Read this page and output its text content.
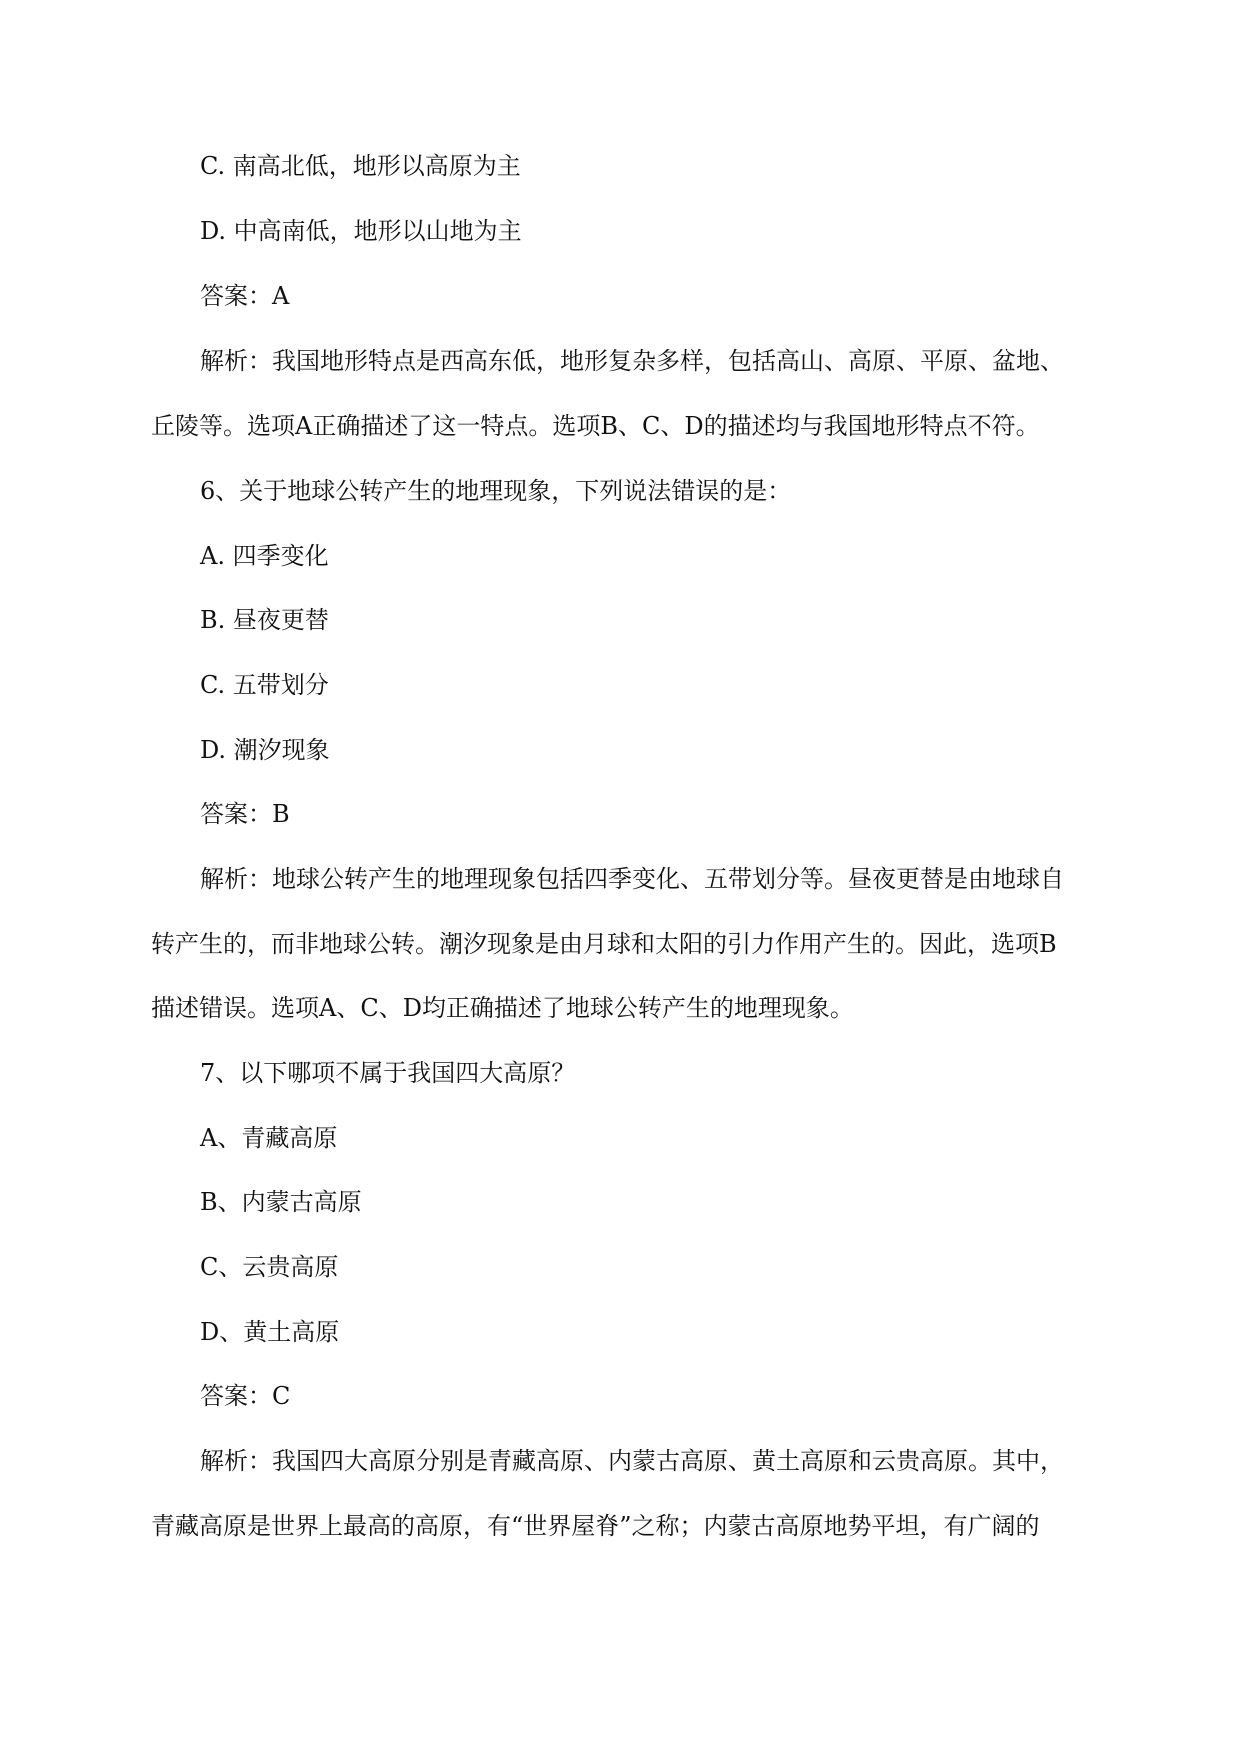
C. 南高北低，地形以高原为主
D. 中高南低，地形以山地为主
答案：A
解析：我国地形特点是西高东低，地形复杂多样，包括高山、高原、平原、盆地、
丘陵等。选项A正确描述了这一特点。选项B、C、D的描述均与我国地形特点不符。
6、关于地球公转产生的地理现象，下列说法错误的是：
A. 四季变化
B. 昼夜更替
C. 五带划分
D. 潮汐现象
答案：B
解析：地球公转产生的地理现象包括四季变化、五带划分等。昼夜更替是由地球自
转产生的，而非地球公转。潮汐现象是由月球和太阳的引力作用产生的。因此，选项B
描述错误。选项A、C、D均正确描述了地球公转产生的地理现象。
7、以下哪项不属于我国四大高原？
A、青藏高原
B、内蒙古高原
C、云贵高原
D、黄土高原
答案：C
解析：我国四大高原分别是青藏高原、内蒙古高原、黄土高原和云贵高原。其中，
青藏高原是世界上最高的高原，有“世界屋脊”之称；内蒙古高原地势平坦，有广阔的
